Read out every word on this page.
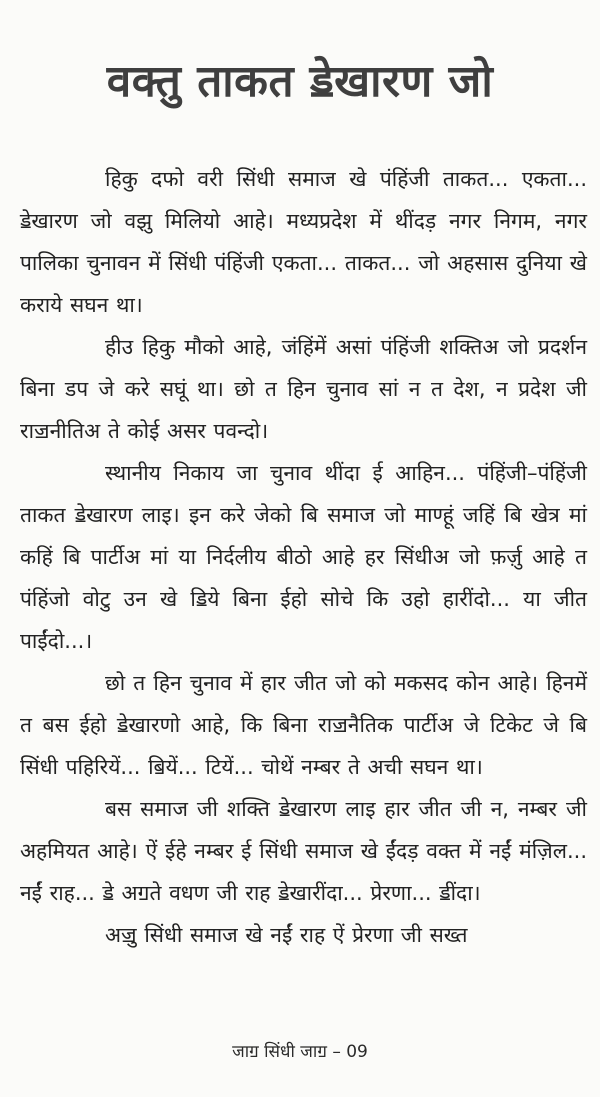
वक्तु ताकत ॾेखारण जो

हिकु दफो वरी सिंधी समाज खे पंहिंजी ताकत... एकता... ॾेखारण जो वझु मिलियो आहे। मध्यप्रदेश में थींदड़ नगर निगम, नगर पालिका चुनावन में सिंधी पंहिंजी एकता... ताकत... जो अहसास दुनिया खे कराये सघन था।

हीउ हिकु मौको आहे, जंहिंमें असां पंहिंजी शक्तिअ जो प्रदर्शन बिना डप जे करे सघूं था। छो त हिन चुनाव सां न त देश, न प्रदेश जी राॼनीतिअ ते कोई असर पवन्दो।

स्थानीय निकाय जा चुनाव थींदा ई आहिन... पंहिंजी–पंहिंजी ताकत ॾेखारण लाइ। इन करे जेको बि समाज जो माण्हूं जहिं बि खेत्र मां कहिं बि पार्टीअ मां या निर्दलीय बीठो आहे हर सिंधीअ जो फ़र्ज़ु आहे त पंहिंजो वोटु उन खे ॾिये बिना ईहो सोचे कि उहो हारींदो... या जीत पाईंदो...।

छो त हिन चुनाव में हार जीत जो को मकसद कोन आहे। हिनमें त बस ईहो ॾेखारणो आहे, कि बिना राॼनैतिक पार्टीअ जे टिकेट जे बि सिंधी पहिरियें... ॿियें... टियें... चोथें नम्बर ते अची सघन था।

बस समाज जी शक्ति ॾेखारण लाइ हार जीत जी न, नम्बर जी अहमियत आहे। ऐं ईहे नम्बर ई सिंधी समाज खे ईंदड़ वक्त में नईं मंज़िल... नईं राह... ॾे अॻते वधण जी राह ॾेखारींदा... प्रेरणा... ॾींदा।

अॼु सिंधी समाज खे नईं राह ऐं प्रेरणा जी सख्त

जाॻ सिंधी जाॻ – 09
